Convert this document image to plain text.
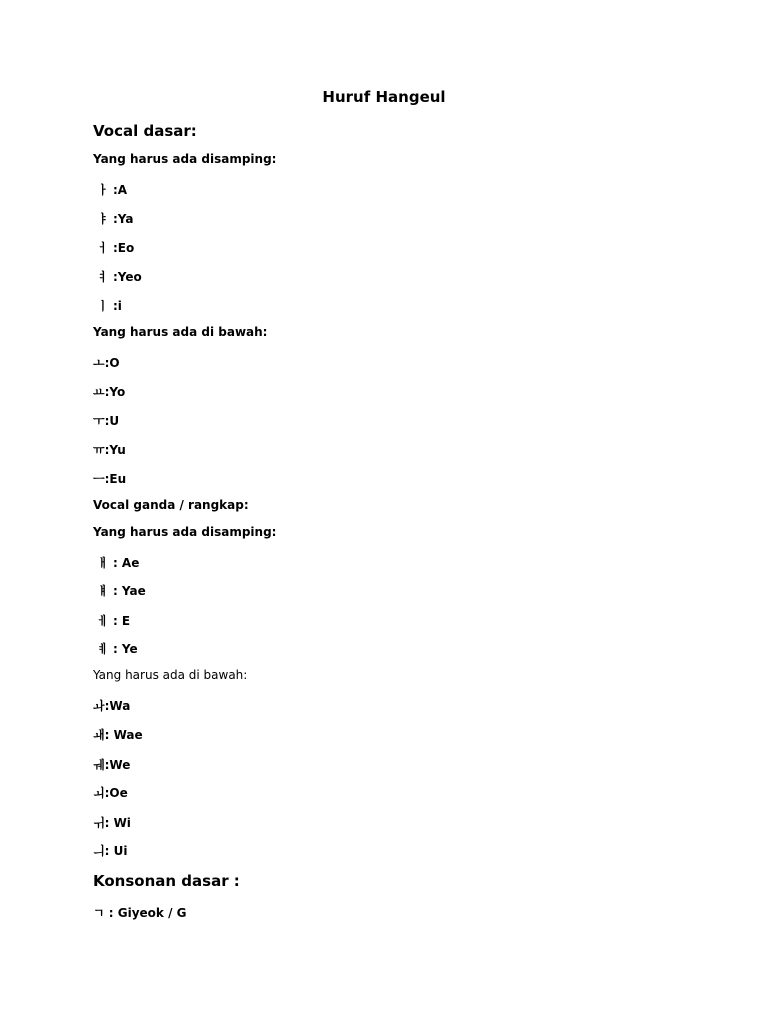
Huruf Hangeul
Vocal dasar:
Yang harus ada disamping:
ㅏ :A
ㅑ :Ya
ㅓ :Eo
ㅕ :Yeo
ㅣ :i
Yang harus ada di bawah:
ㅗ:O
ㅛ:Yo
ㅜ:U
ㅠ:Yu
ㅡ:Eu
Vocal ganda / rangkap:
Yang harus ada disamping:
ㅐ : Ae
ㅒ : Yae
ㅔ : E
ㅖ : Ye
Yang harus ada di bawah:
ㅘ:Wa
ㅙ: Wae
ㅞ:We
ㅚ:Oe
ㅟ: Wi
ㅢ: Ui
Konsonan dasar :
ㄱ : Giyeok / G
